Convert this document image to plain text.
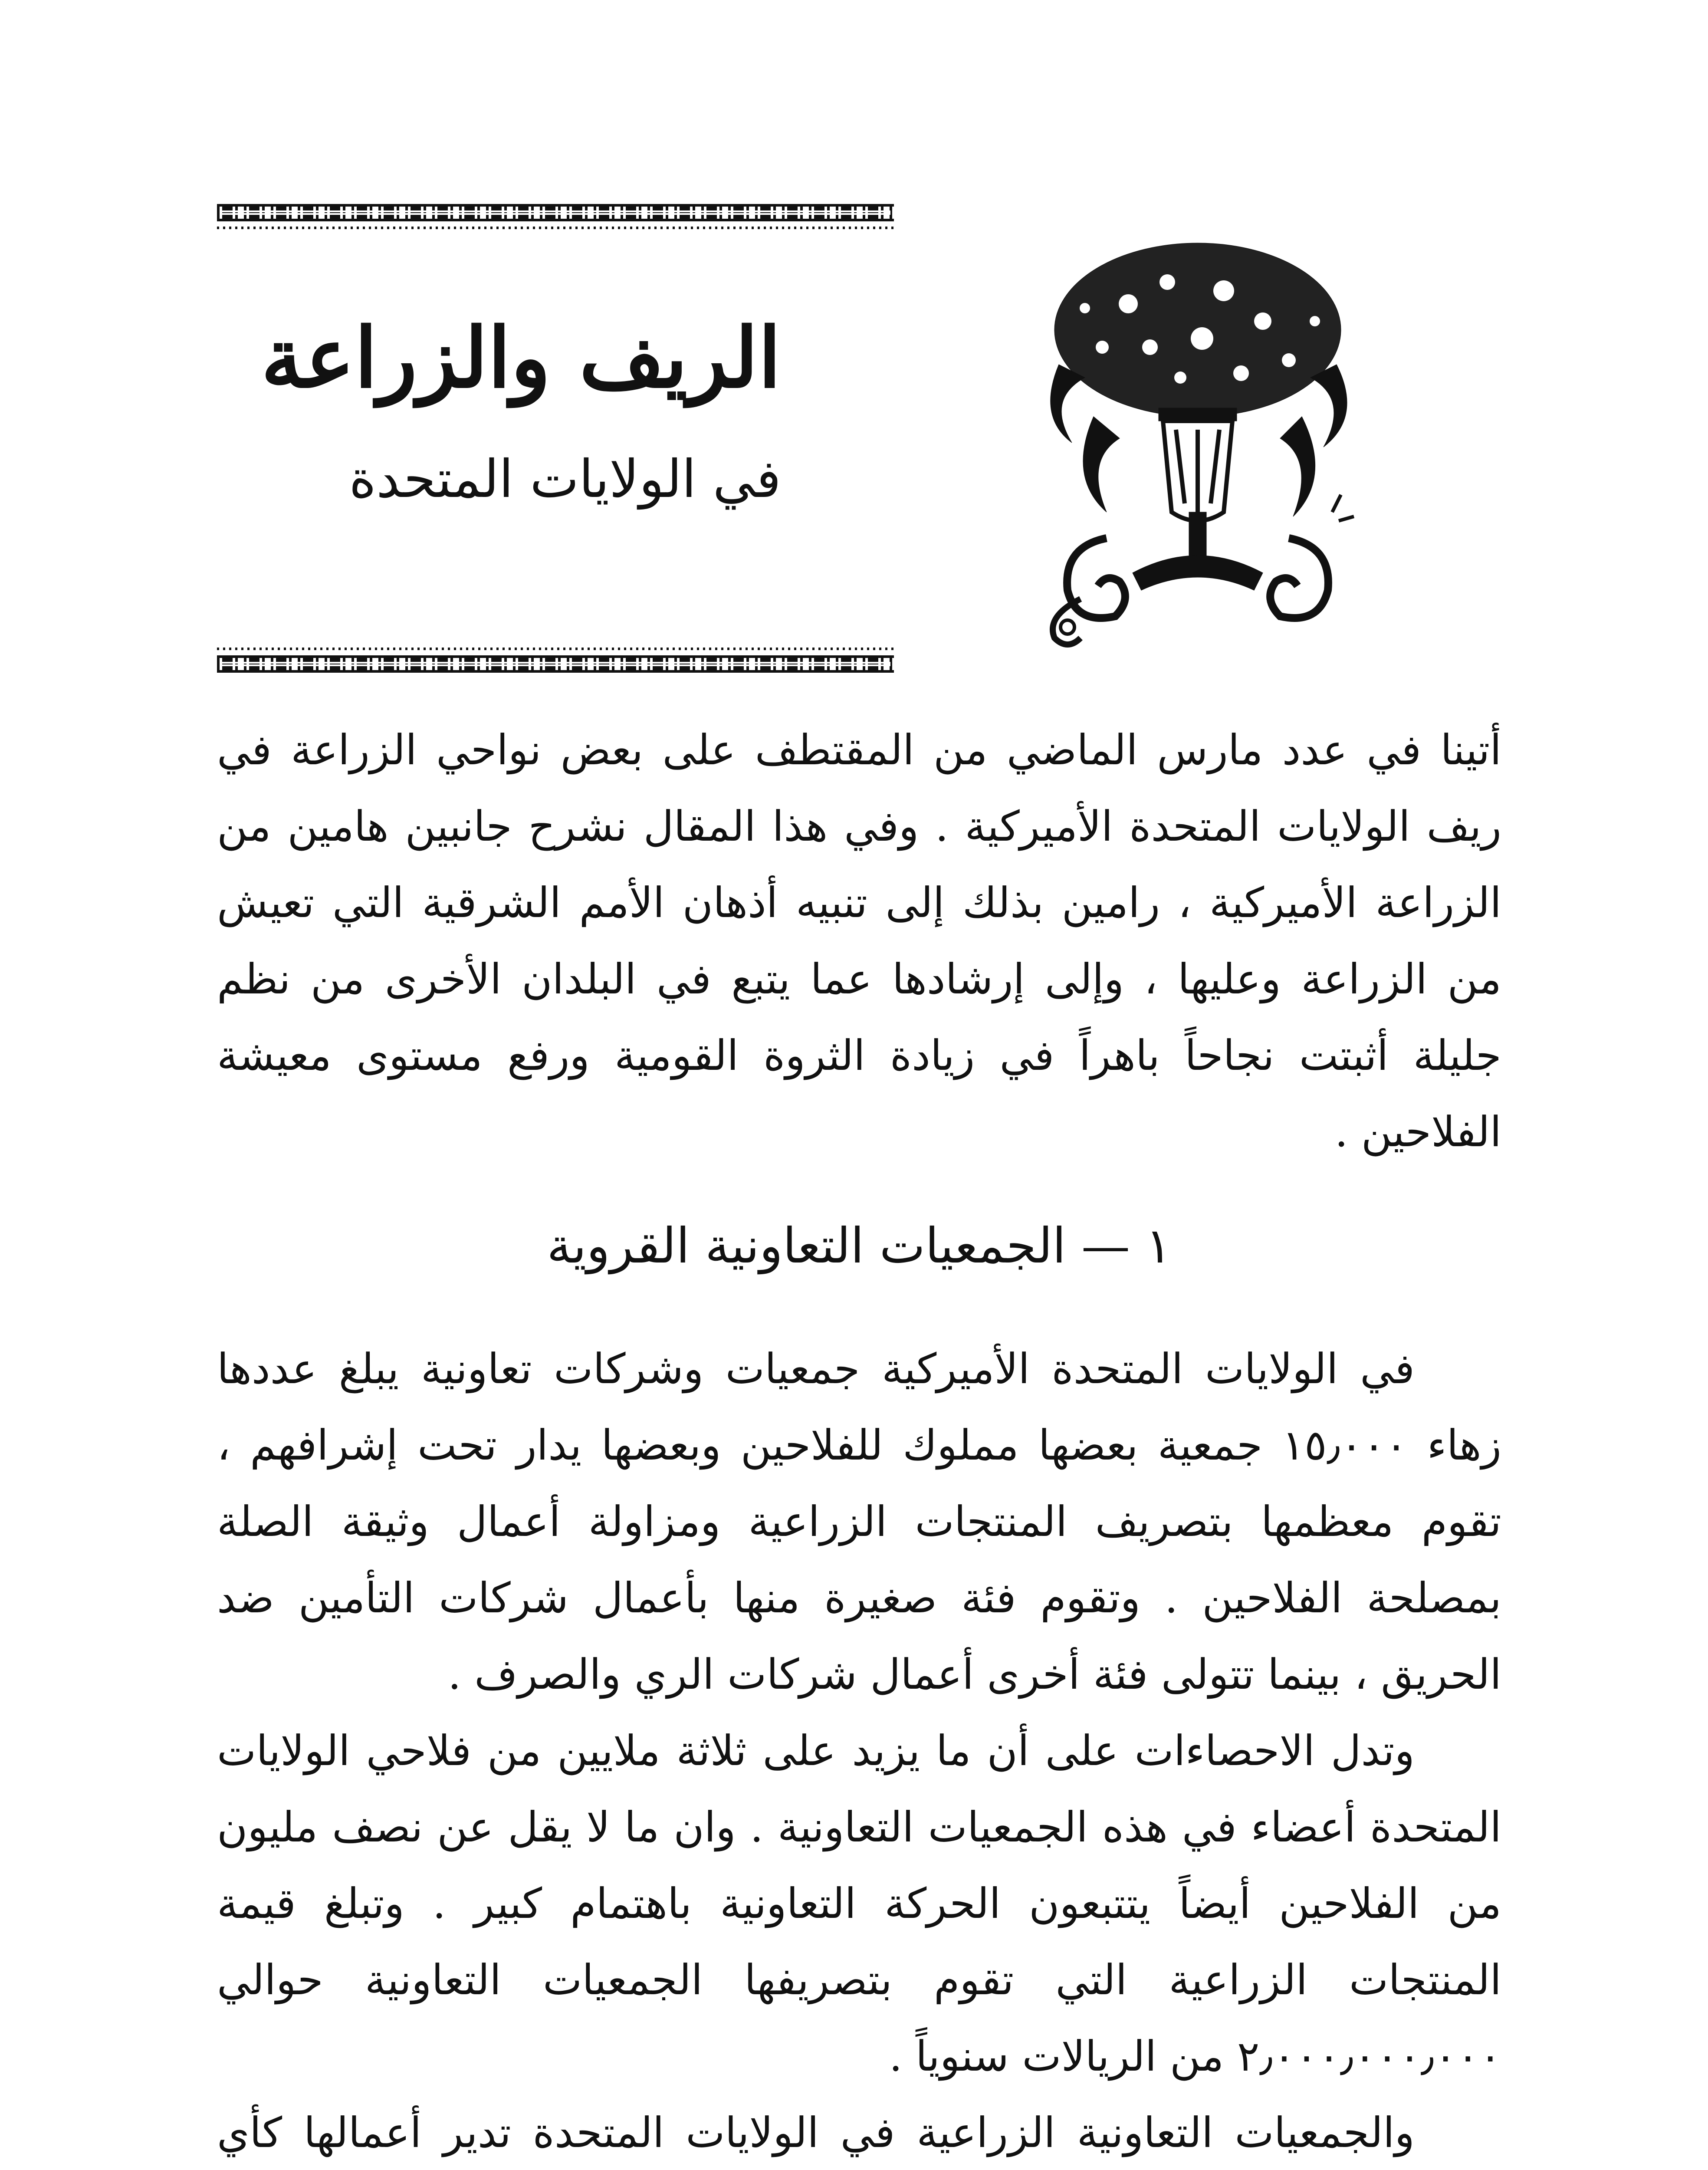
الريف والزراعة
في الولايات المتحدة

أتينا في عدد مارس الماضي من المقتطف على بعض نواحي الزراعة في ريف الولايات المتحدة الأميركية . وفي هذا المقال نشرح جانبين هامين من الزراعة الأميركية ، رامين بذلك إلى تنبيه أذهان الأمم الشرقية التي تعيش من الزراعة وعليها ، وإلى إرشادها عما يتبع في البلدان الأخرى من نظم جليلة أثبتت نجاحاً باهراً في زيادة الثروة القومية ورفع مستوى معيشة الفلاحين .

١ — الجمعيات التعاونية القروية

في الولايات المتحدة الأميركية جمعيات وشركات تعاونية يبلغ عددها زهاء ١٥٫٠٠٠ جمعية بعضها مملوك للفلاحين وبعضها يدار تحت إشرافهم ، تقوم معظمها بتصريف المنتجات الزراعية ومزاولة أعمال وثيقة الصلة بمصلحة الفلاحين . وتقوم فئة صغيرة منها بأعمال شركات التأمين ضد الحريق ، بينما تتولى فئة أخرى أعمال شركات الري والصرف .

وتدل الاحصاءات على أن ما يزيد على ثلاثة ملايين من فلاحي الولايات المتحدة أعضاء في هذه الجمعيات التعاونية . وان ما لا يقل عن نصف مليون من الفلاحين أيضاً يتتبعون الحركة التعاونية باهتمام كبير . وتبلغ قيمة المنتجات الزراعية التي تقوم بتصريفها الجمعيات التعاونية حوالي ٢٫٠٠٠٫٠٠٠٫٠٠٠ من الريالات سنوياً .

والجمعيات التعاونية الزراعية في الولايات المتحدة تدير أعمالها كأي
